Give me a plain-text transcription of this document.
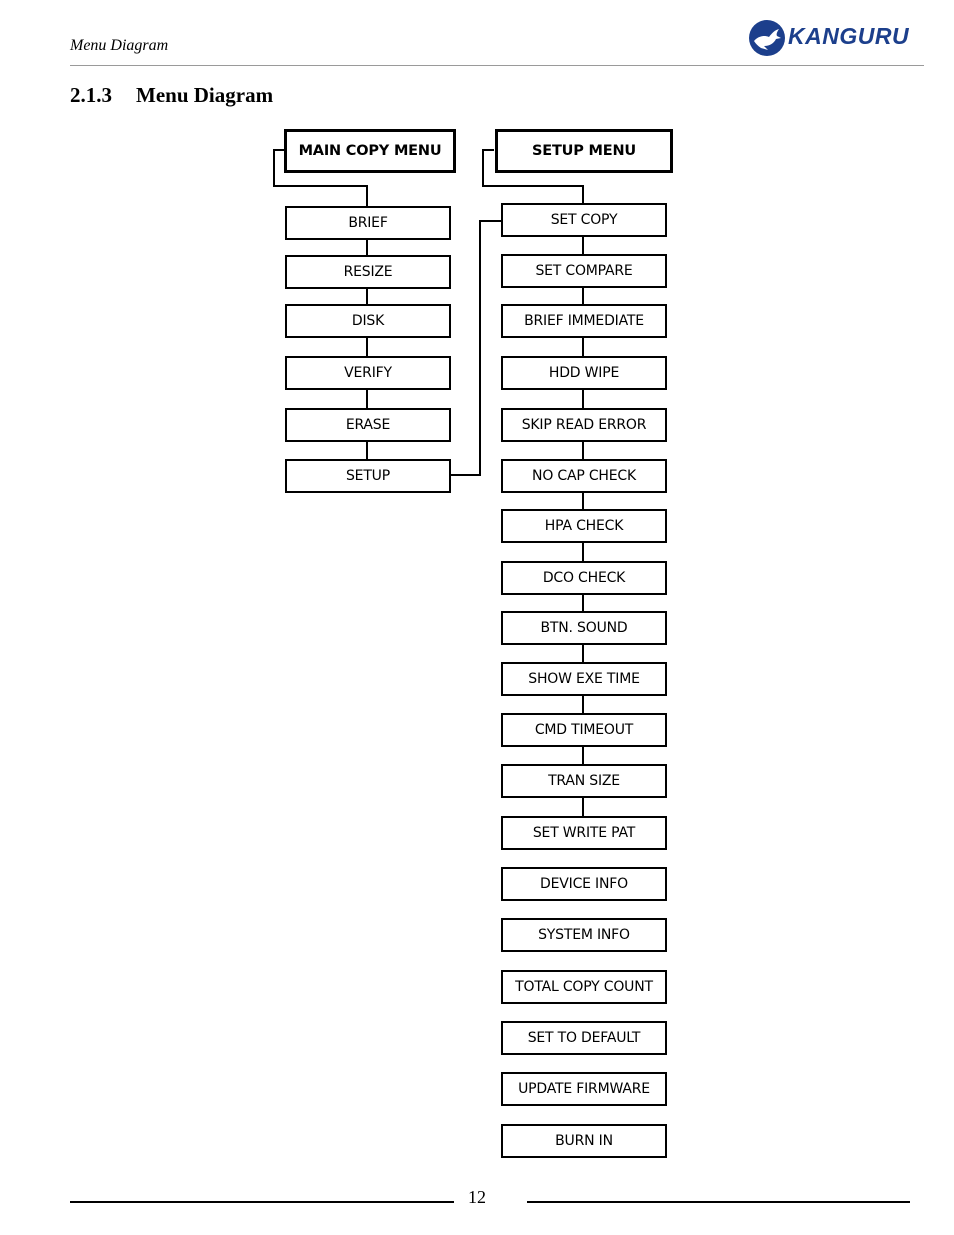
Menu Diagram	KANGURU
2.1.3 Menu Diagram
MAIN COPY MENU
BRIEF
RESIZE
DISK
VERIFY
ERASE
SETUP
SETUP MENU
SET COPY
SET COMPARE
BRIEF IMMEDIATE
HDD WIPE
SKIP READ ERROR
NO CAP CHECK
HPA CHECK
DCO CHECK
BTN. SOUND
SHOW EXE TIME
CMD TIMEOUT
TRAN SIZE
SET WRITE PAT
DEVICE INFO
SYSTEM INFO
TOTAL COPY COUNT
SET TO DEFAULT
UPDATE FIRMWARE
BURN IN
12
